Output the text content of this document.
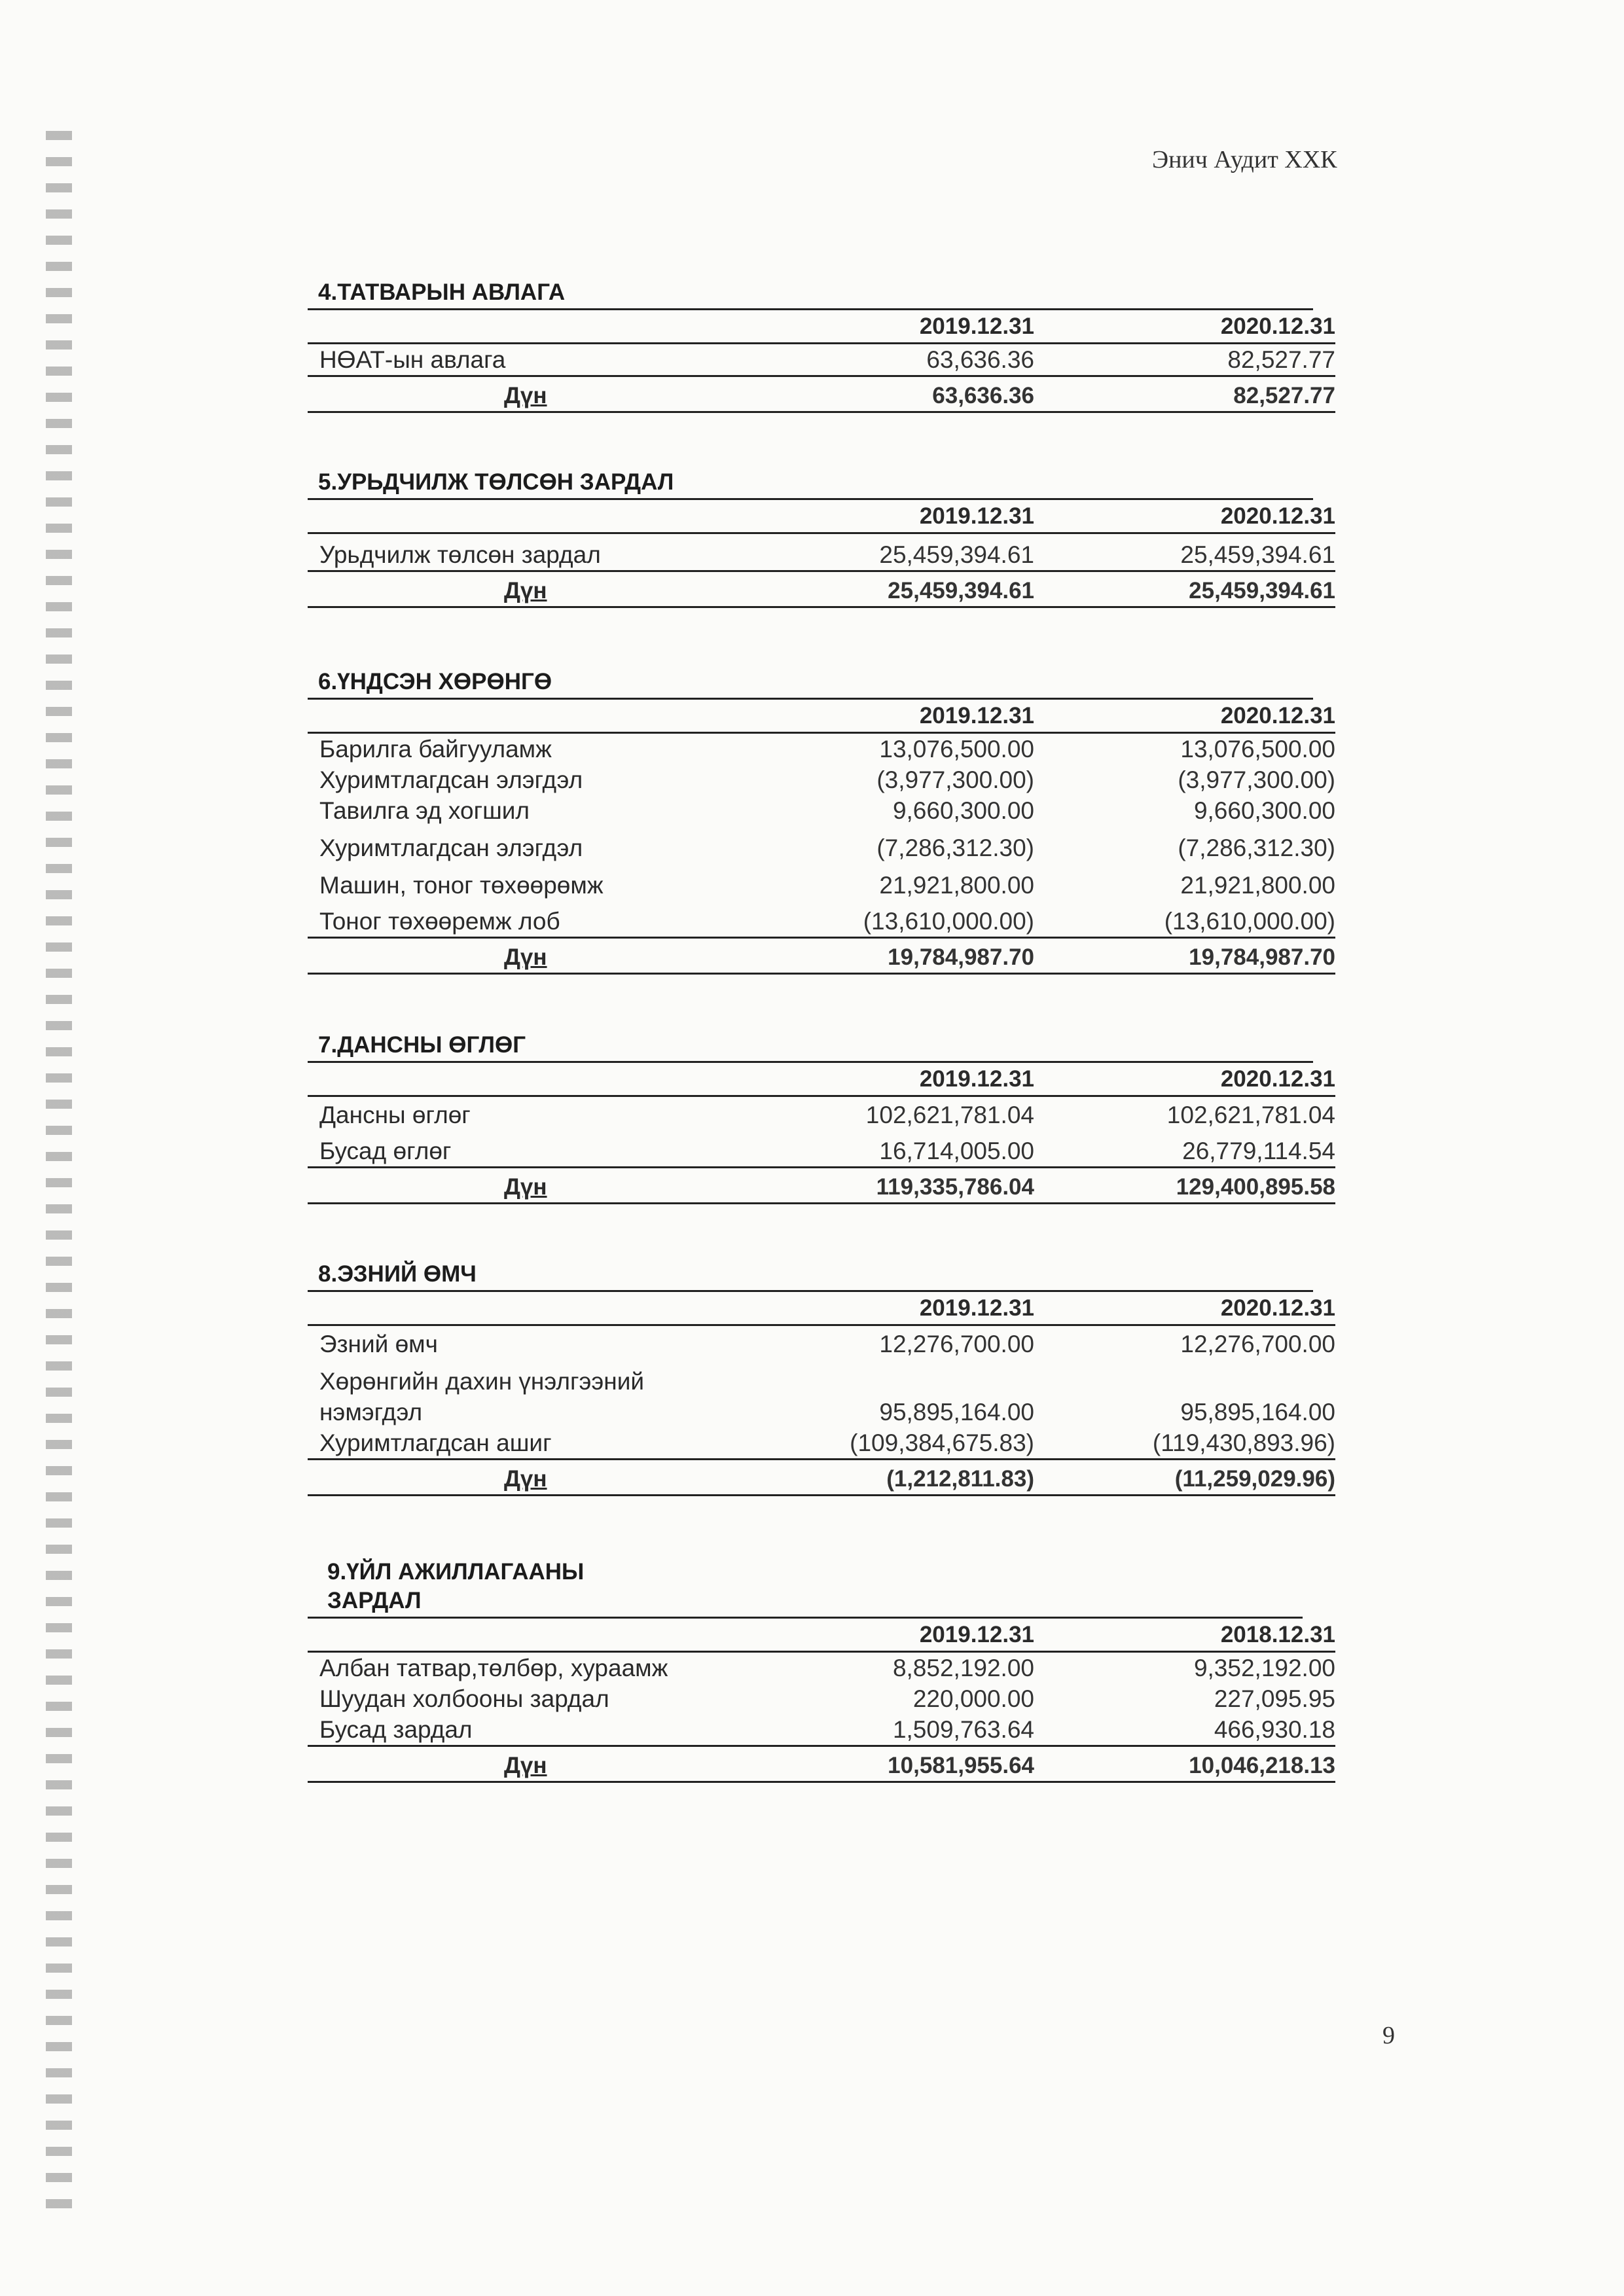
Энич Аудит ХХК
4.ТАТВАРЫН АВЛАГА
2019.12.31	2020.12.31
НӨАТ-ын авлага	63,636.36	82,527.77
Дүн	63,636.36	82,527.77
5.УРЬДЧИЛЖ ТӨЛСӨН ЗАРДАЛ
2019.12.31	2020.12.31
Урьдчилж төлсөн зардал	25,459,394.61	25,459,394.61
Дүн	25,459,394.61	25,459,394.61
6.ҮНДСЭН ХӨРӨНГӨ
2019.12.31	2020.12.31
Барилга байгууламж	13,076,500.00	13,076,500.00
Хуримтлагдсан элэгдэл	(3,977,300.00)	(3,977,300.00)
Тавилга эд хогшил	9,660,300.00	9,660,300.00
Хуримтлагдсан элэгдэл	(7,286,312.30)	(7,286,312.30)
Машин, тоног төхөөрөмж	21,921,800.00	21,921,800.00
Тоног төхөөремж лоб	(13,610,000.00)	(13,610,000.00)
Дүн	19,784,987.70	19,784,987.70
7.ДАНСНЫ ӨГЛӨГ
2019.12.31	2020.12.31
Дансны өглөг	102,621,781.04	102,621,781.04
Бусад өглөг	16,714,005.00	26,779,114.54
Дүн	119,335,786.04	129,400,895.58
8.ЭЗНИЙ ӨМЧ
2019.12.31	2020.12.31
Эзний өмч	12,276,700.00	12,276,700.00
Хөрөнгийн дахин үнэлгээний нэмэгдэл	95,895,164.00	95,895,164.00
Хуримтлагдсан ашиг	(109,384,675.83)	(119,430,893.96)
Дүн	(1,212,811.83)	(11,259,029.96)
9.ҮЙЛ АЖИЛЛАГААНЫ ЗАРДАЛ
2019.12.31	2018.12.31
Албан татвар,төлбөр, хураамж	8,852,192.00	9,352,192.00
Шуудан холбооны зардал	220,000.00	227,095.95
Бусад зардал	1,509,763.64	466,930.18
Дүн	10,581,955.64	10,046,218.13
9
